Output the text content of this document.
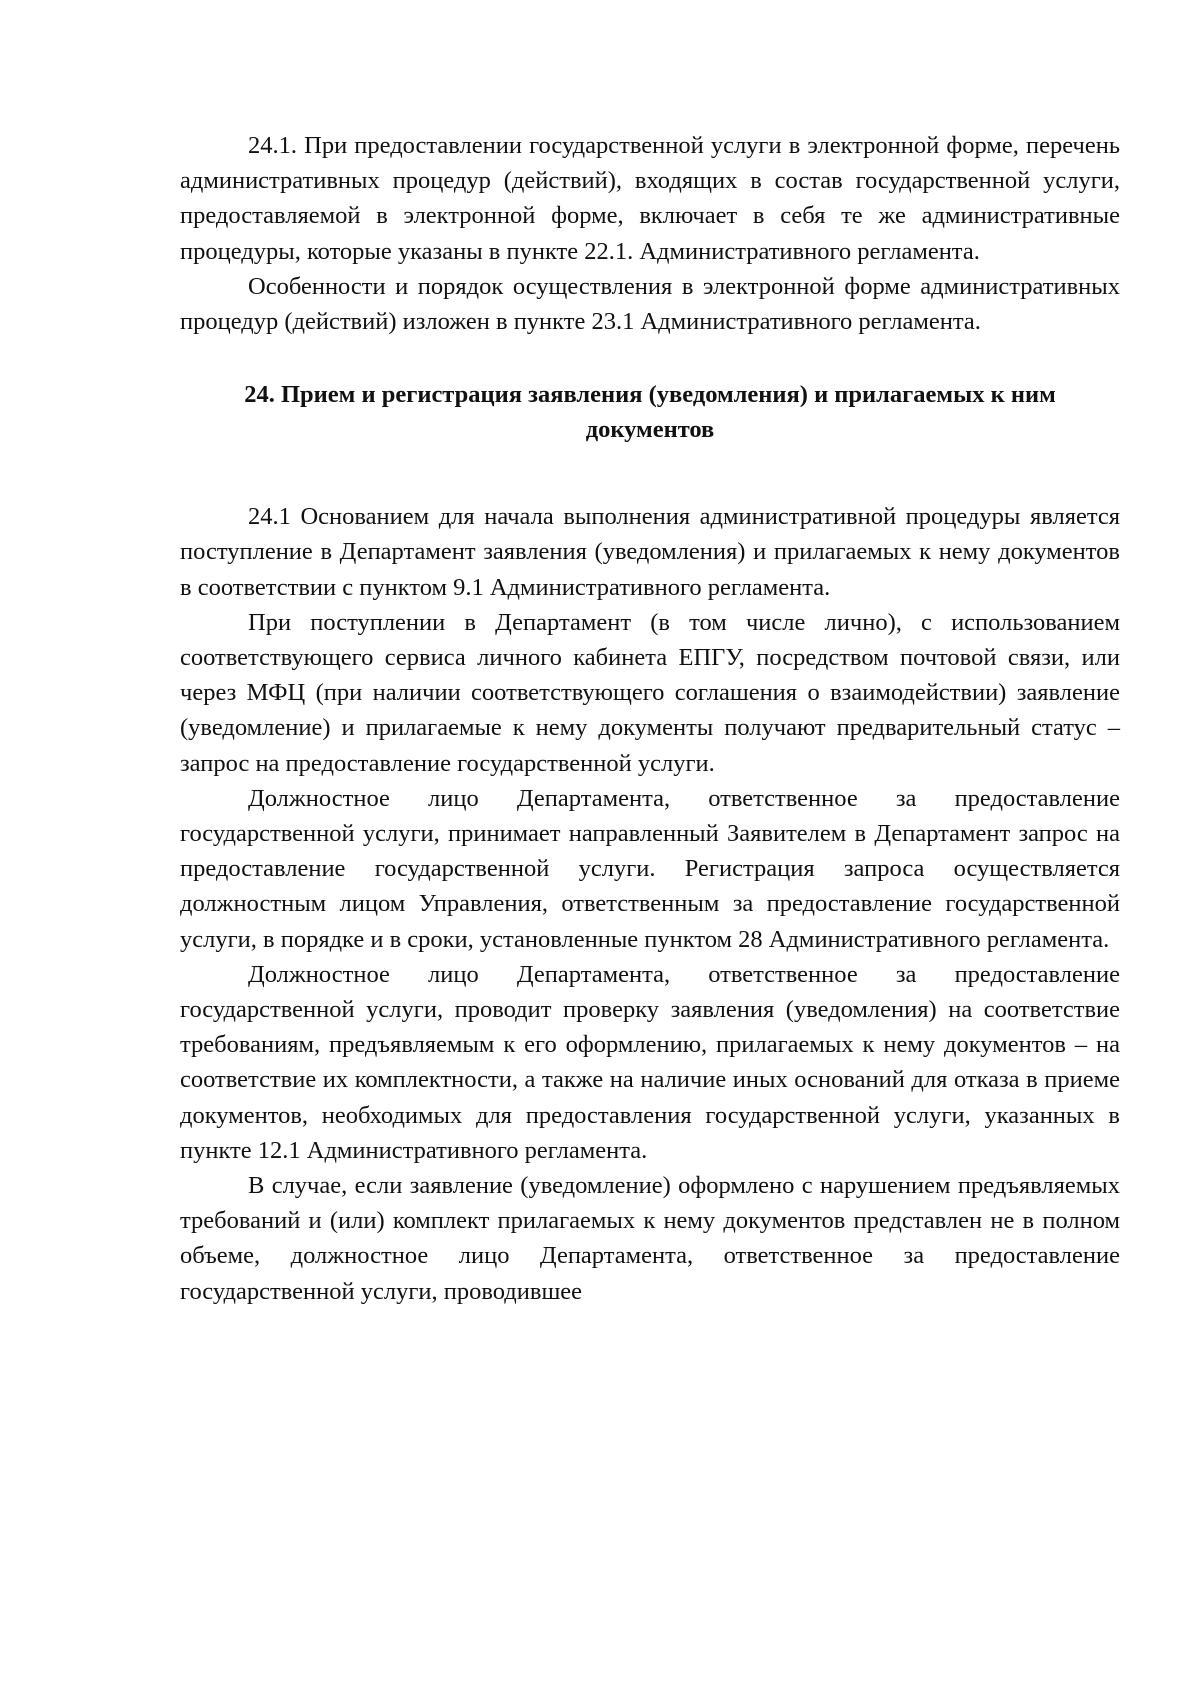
24.1. При предоставлении государственной услуги в электронной форме, перечень административных процедур (действий), входящих в состав государственной услуги, предоставляемой в электронной форме, включает в себя те же административные процедуры, которые указаны в пункте 22.1. Административного регламента.

Особенности и порядок осуществления в электронной форме административных процедур (действий) изложен в пункте 23.1 Административного регламента.

24. Прием и регистрация заявления (уведомления) и прилагаемых к ним документов

24.1 Основанием для начала выполнения административной процедуры является поступление в Департамент заявления (уведомления) и прилагаемых к нему документов в соответствии с пунктом 9.1 Административного регламента.

При поступлении в Департамент (в том числе лично), с использованием соответствующего сервиса личного кабинета ЕПГУ, посредством почтовой связи, или через МФЦ (при наличии соответствующего соглашения о взаимодействии) заявление (уведомление) и прилагаемые к нему документы получают предварительный статус – запрос на предоставление государственной услуги.

Должностное лицо Департамента, ответственное за предоставление государственной услуги, принимает направленный Заявителем в Департамент запрос на предоставление государственной услуги. Регистрация запроса осуществляется должностным лицом Управления, ответственным за предоставление государственной услуги, в порядке и в сроки, установленные пунктом 28 Административного регламента.

Должностное лицо Департамента, ответственное за предоставление государственной услуги, проводит проверку заявления (уведомления) на соответствие требованиям, предъявляемым к его оформлению, прилагаемых к нему документов – на соответствие их комплектности, а также на наличие иных оснований для отказа в приеме документов, необходимых для предоставления государственной услуги, указанных в пункте 12.1 Административного регламента.

В случае, если заявление (уведомление) оформлено с нарушением предъявляемых требований и (или) комплект прилагаемых к нему документов представлен не в полном объеме, должностное лицо Департамента, ответственное за предоставление государственной услуги, проводившее
